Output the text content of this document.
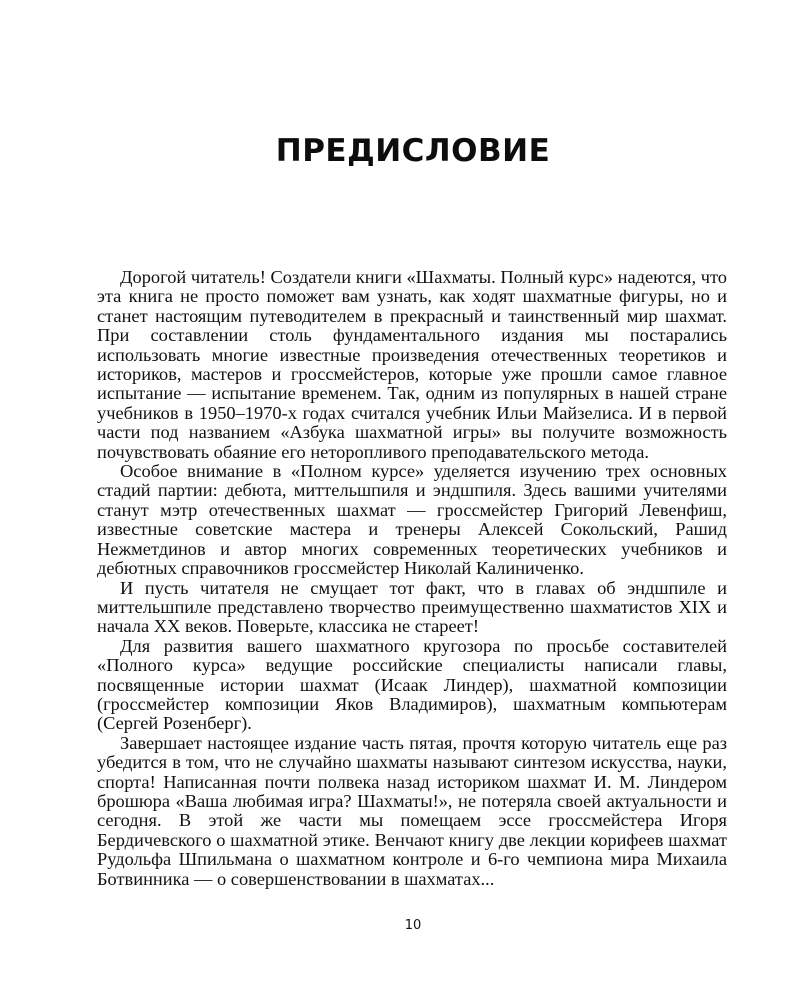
ПРЕДИСЛОВИЕ

Дорогой читатель! Создатели книги «Шахматы. Полный курс» надеются, что эта книга не просто поможет вам узнать, как ходят шахматные фигуры, но и станет настоящим путеводителем в прекрасный и таинственный мир шахмат. При составлении столь фундаментального издания мы постарались использовать многие известные произведения отечественных теоретиков и историков, мастеров и гроссмейстеров, которые уже прошли самое главное испытание — испытание временем. Так, одним из популярных в нашей стране учебников в 1950–1970-х годах считался учебник Ильи Майзелиса. И в первой части под названием «Азбука шахматной игры» вы получите возможность почувствовать обаяние его неторопливого преподавательского метода.

Особое внимание в «Полном курсе» уделяется изучению трех основных стадий партии: дебюта, миттельшпиля и эндшпиля. Здесь вашими учителями станут мэтр отечественных шахмат — гроссмейстер Григорий Левенфиш, известные советские мастера и тренеры Алексей Сокольский, Рашид Нежметдинов и автор многих современных теоретических учебников и дебютных справочников гроссмейстер Николай Калиниченко.

И пусть читателя не смущает тот факт, что в главах об эндшпиле и миттельшпиле представлено творчество преимущественно шахматистов XIX и начала XX веков. Поверьте, классика не стареет!

Для развития вашего шахматного кругозора по просьбе составителей «Полного курса» ведущие российские специалисты написали главы, посвященные истории шахмат (Исаак Линдер), шахматной композиции (гроссмейстер композиции Яков Владимиров), шахматным компьютерам (Сергей Розенберг).

Завершает настоящее издание часть пятая, прочтя которую читатель еще раз убедится в том, что не случайно шахматы называют синтезом искусства, науки, спорта! Написанная почти полвека назад историком шахмат И. М. Линдером брошюра «Ваша любимая игра? Шахматы!», не потеряла своей актуальности и сегодня. В этой же части мы помещаем эссе гроссмейстера Игоря Бердичевского о шахматной этике. Венчают книгу две лекции корифеев шахмат Рудольфа Шпильмана о шахматном контроле и 6-го чемпиона мира Михаила Ботвинника — о совершенствовании в шахматах...

10
